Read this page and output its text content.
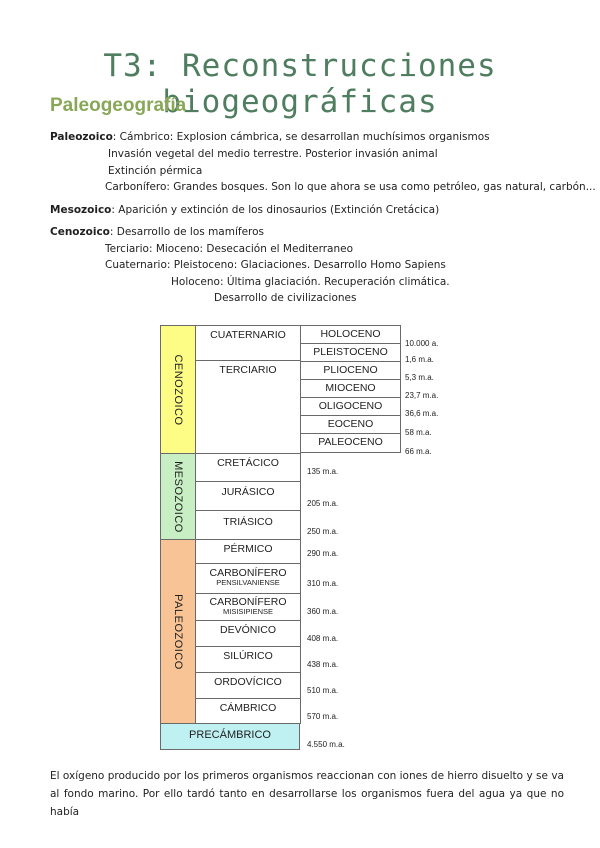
T3: Reconstrucciones biogeográficas
Paleogeografía
Paleozoico: Cámbrico: Explosion cámbrica, se desarrollan muchísimos organismos
Invasión vegetal del medio terrestre. Posterior invasión animal
Extinción pérmica
Carbonífero: Grandes bosques. Son lo que ahora se usa como petróleo, gas natural, carbón...
Mesozoico: Aparición y extinción de los dinosaurios (Extinción Cretácica)
Cenozoico: Desarrollo de los mamíferos
Terciario: Mioceno: Desecación el Mediterraneo
Cuaternario: Pleistoceno: Glaciaciones. Desarrollo Homo Sapiens
Holoceno: Última glaciación. Recuperación climática.
Desarrollo de civilizaciones
CENOZOICO
MESOZOICO
PALEOZOICO
PRECÁMBRICO
CUATERNARIO
TERCIARIO
CRETÁCICO
JURÁSICO
TRIÁSICO
PÉRMICO
CARBONÍFERO
PENSILVANIENSE
CARBONÍFERO
MISISIPIENSE
DEVÓNICO
SILÚRICO
ORDOVÍCICO
CÁMBRICO
HOLOCENO
PLEISTOCENO
PLIOCENO
MIOCENO
OLIGOCENO
EOCENO
PALEOCENO
10.000 a.
1,6 m.a.
5,3 m.a.
23,7 m.a.
36,6 m.a.
58 m.a.
66 m.a.
135 m.a.
205 m.a.
250 m.a.
290 m.a.
310 m.a.
360 m.a.
408 m.a.
438 m.a.
510 m.a.
570 m.a.
4.550 m.a.

El oxígeno producido por los primeros organismos reaccionan con iones de hierro disuelto y se va al fondo marino. Por ello tardó tanto en desarrollarse los organismos fuera del agua ya que no había
